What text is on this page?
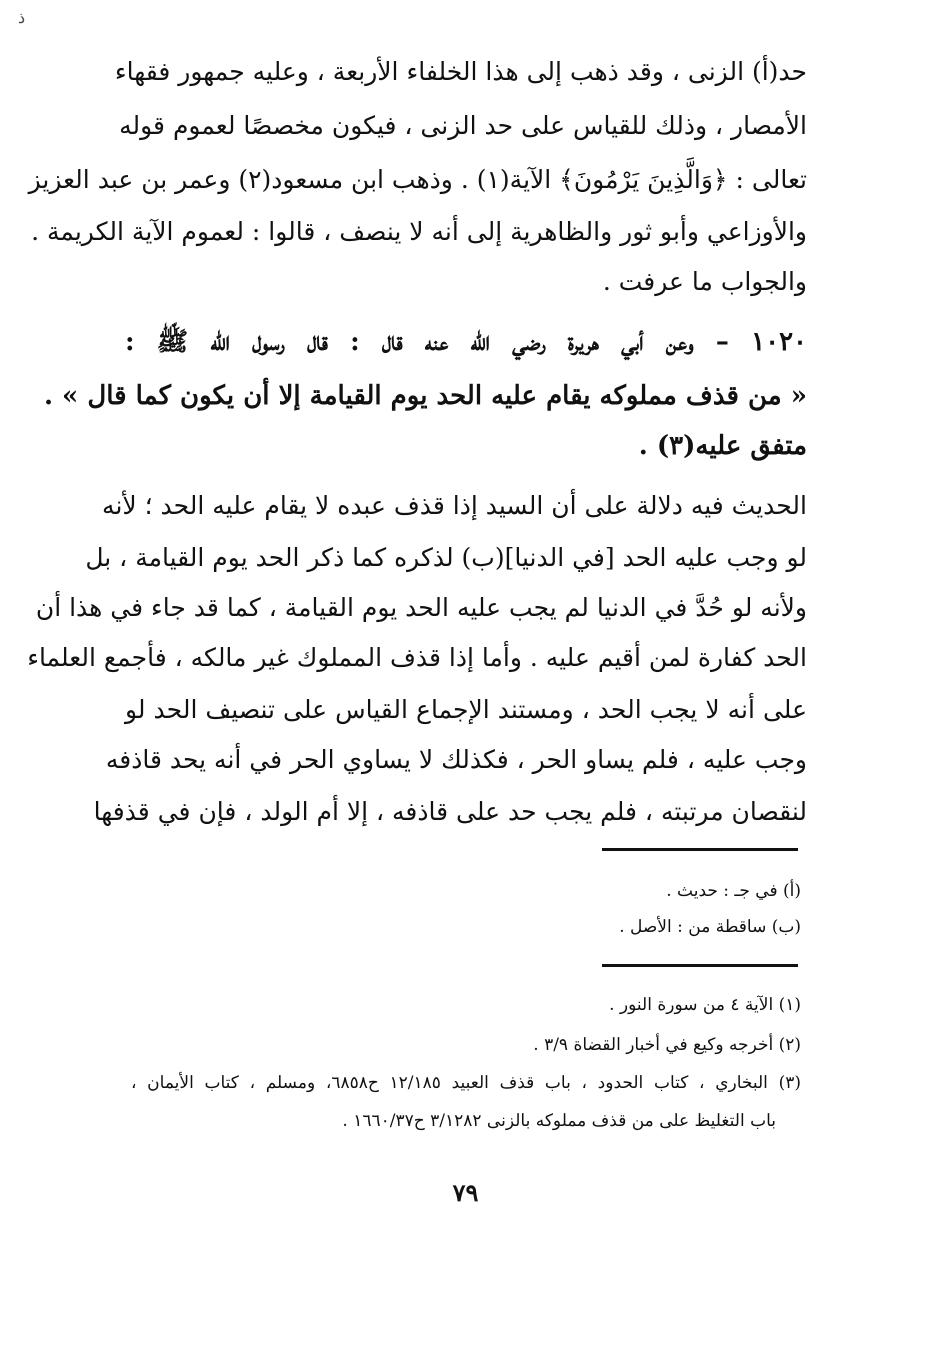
ذ
حد(أ) الزنى ، وقد ذهب إلى هذا الخلفاء الأربعة ، وعليه جمهور فقهاء
الأمصار ، وذلك للقياس على حد الزنى ، فيكون مخصصًا لعموم قوله
تعالى : ﴿وَالَّذِينَ يَرْمُونَ﴾ الآية(١) . وذهب ابن مسعود(٢) وعمر بن عبد العزيز
والأوزاعي وأبو ثور والظاهرية إلى أنه لا ينصف ، قالوا : لعموم الآية الكريمة .
والجواب ما عرفت .
١٠٢٠ – وعن أبي هريرة رضي الله عنه قال : قال رسول الله ﷺ :
« من قذف مملوكه يقام عليه الحد يوم القيامة إلا أن يكون كما قال » .
متفق عليه(٣) .
الحديث فيه دلالة على أن السيد إذا قذف عبده لا يقام عليه الحد ؛ لأنه
لو وجب عليه الحد [في الدنيا](ب) لذكره كما ذكر الحد يوم القيامة ، بل
ولأنه لو حُدَّ في الدنيا لم يجب عليه الحد يوم القيامة ، كما قد جاء في هذا أن
الحد كفارة لمن أقيم عليه . وأما إذا قذف المملوك غير مالكه ، فأجمع العلماء
على أنه لا يجب الحد ، ومستند الإجماع القياس على تنصيف الحد لو
وجب عليه ، فلم يساو الحر ، فكذلك لا يساوي الحر في أنه يحد قاذفه
لنقصان مرتبته ، فلم يجب حد على قاذفه ، إلا أم الولد ، فإن في قذفها
(أ) في جـ : حديث .
(ب) ساقطة من : الأصل .
(١) الآية ٤ من سورة النور .
(٢) أخرجه وكيع في أخبار القضاة ٣/٩ .
(٣) البخاري ، كتاب الحدود ، باب قذف العبيد ١٢/١٨٥ ح٦٨٥٨، ومسلم ، كتاب الأيمان ،
باب التغليظ على من قذف مملوكه بالزنى ٣/١٢٨٢ ح١٦٦٠/٣٧ .
٧٩
